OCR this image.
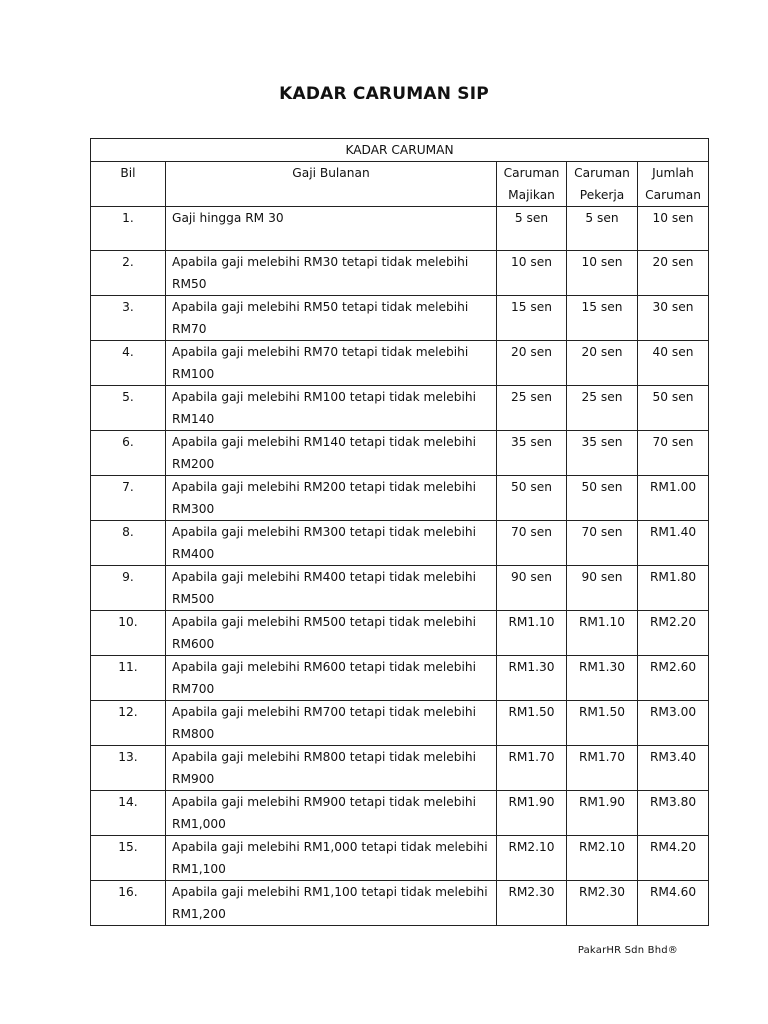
KADAR CARUMAN SIP
KADAR CARUMAN				
Bil	Gaji Bulanan	Caruman Majikan	Caruman Pekerja	Jumlah Caruman
1.	Gaji hingga RM 30	5 sen	5 sen	10 sen
2.	Apabila gaji melebihi RM30 tetapi tidak melebihi RM50	10 sen	10 sen	20 sen
3.	Apabila gaji melebihi RM50 tetapi tidak melebihi RM70	15 sen	15 sen	30 sen
4.	Apabila gaji melebihi RM70 tetapi tidak melebihi RM100	20 sen	20 sen	40 sen
5.	Apabila gaji melebihi RM100 tetapi tidak melebihi RM140	25 sen	25 sen	50 sen
6.	Apabila gaji melebihi RM140 tetapi tidak melebihi RM200	35 sen	35 sen	70 sen
7.	Apabila gaji melebihi RM200 tetapi tidak melebihi RM300	50 sen	50 sen	RM1.00
8.	Apabila gaji melebihi RM300 tetapi tidak melebihi RM400	70 sen	70 sen	RM1.40
9.	Apabila gaji melebihi RM400 tetapi tidak melebihi RM500	90 sen	90 sen	RM1.80
10.	Apabila gaji melebihi RM500 tetapi tidak melebihi RM600	RM1.10	RM1.10	RM2.20
11.	Apabila gaji melebihi RM600 tetapi tidak melebihi RM700	RM1.30	RM1.30	RM2.60
12.	Apabila gaji melebihi RM700 tetapi tidak melebihi RM800	RM1.50	RM1.50	RM3.00
13.	Apabila gaji melebihi RM800 tetapi tidak melebihi RM900	RM1.70	RM1.70	RM3.40
14.	Apabila gaji melebihi RM900 tetapi tidak melebihi RM1,000	RM1.90	RM1.90	RM3.80
15.	Apabila gaji melebihi RM1,000 tetapi tidak melebihi RM1,100	RM2.10	RM2.10	RM4.20
16.	Apabila gaji melebihi RM1,100 tetapi tidak melebihi RM1,200	RM2.30	RM2.30	RM4.60
PakarHR Sdn Bhd®
